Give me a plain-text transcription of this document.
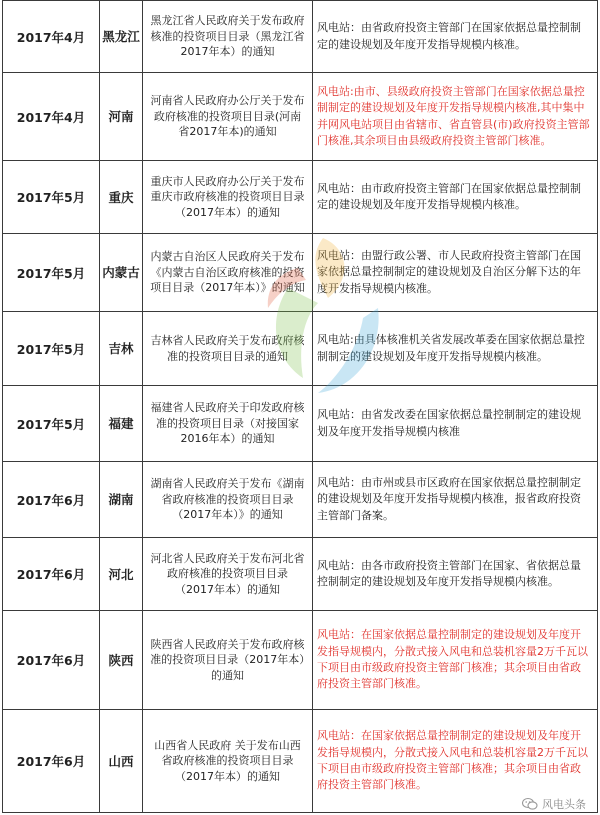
2017年4月	黑龙江	黑龙江省人民政府关于发布政府核准的投资项目目录（黑龙江省2017年本）的通知	风电站：由省政府投资主管部门在国家依据总量控制制定的建设规划及年度开发指导规模内核准。
2017年4月	河南	河南省人民政府办公厅关于发布政府核准的投资项目目录(河南省2017年本)的通知	风电站:由市、县级政府投资主管部门在国家依据总量控制制定的建设规划及年度开发指导规模内核准,其中集中并网风电站项目由省辖市、省直管县(市)政府投资主管部门核准,其余项目由县级政府投资主管部门核准。
2017年5月	重庆	重庆市人民政府办公厅关于发布重庆市政府核准的投资项目目录（2017年本）的通知	风电站：由市政府投资主管部门在国家依据总量控制制定的建设规划及年度开发指导规模内核准。
2017年5月	内蒙古	内蒙古自治区人民政府关于发布《内蒙古自治区政府核准的投资项目目录（2017年本）》的通知	风电站：由盟行政公署、市人民政府投资主管部门在国家依据总量控制制定的建设规划及自治区分解下达的年度开发指导规模内核准。
2017年5月	吉林	吉林省人民政府关于发布政府核准的投资项目目录的通知	风电站:由具体核准机关省发展改革委在国家依据总量控制制定的建设规划及年度开发指导规模内核准。
2017年5月	福建	福建省人民政府关于印发政府核准的投资项目目录（对接国家2016年本）的通知	风电站：由省发改委在国家依据总量控制制定的建设规划及年度开发指导规模内核准
2017年6月	湖南	湖南省人民政府关于发布《湖南省政府核准的投资项目目录（2017年本）》的通知	风电站：由市州或县市区政府在国家依据总量控制制定的建设规划及年度开发指导规模内核准，报省政府投资主管部门备案。
2017年6月	河北	河北省人民政府关于发布河北省政府核准的投资项目目录（2017年本）的通知	风电站：由各市政府投资主管部门在国家、省依据总量控制制定的建设规划及年度开发指导规模内核准。
2017年6月	陕西	陕西省人民政府关于发布政府核准的投资项目目录（2017年本）的通知	风电站：在国家依据总量控制制定的建设规划及年度开发指导规模内，分散式接入风电和总装机容量2万千瓦以下项目由市级政府投资主管部门核准；其余项目由省政府投资主管部门核准。
2017年6月	山西	山西省人民政府 关于发布山西省政府核准的投资项目目录（2017年本）的通知	风电站：在国家依据总量控制制定的建设规划及年度开发指导规模内，分散式接入风电和总装机容量2万千瓦以下项目由市级政府投资主管部门核准；其余项目由省政府投资主管部门核准。
风电头条
